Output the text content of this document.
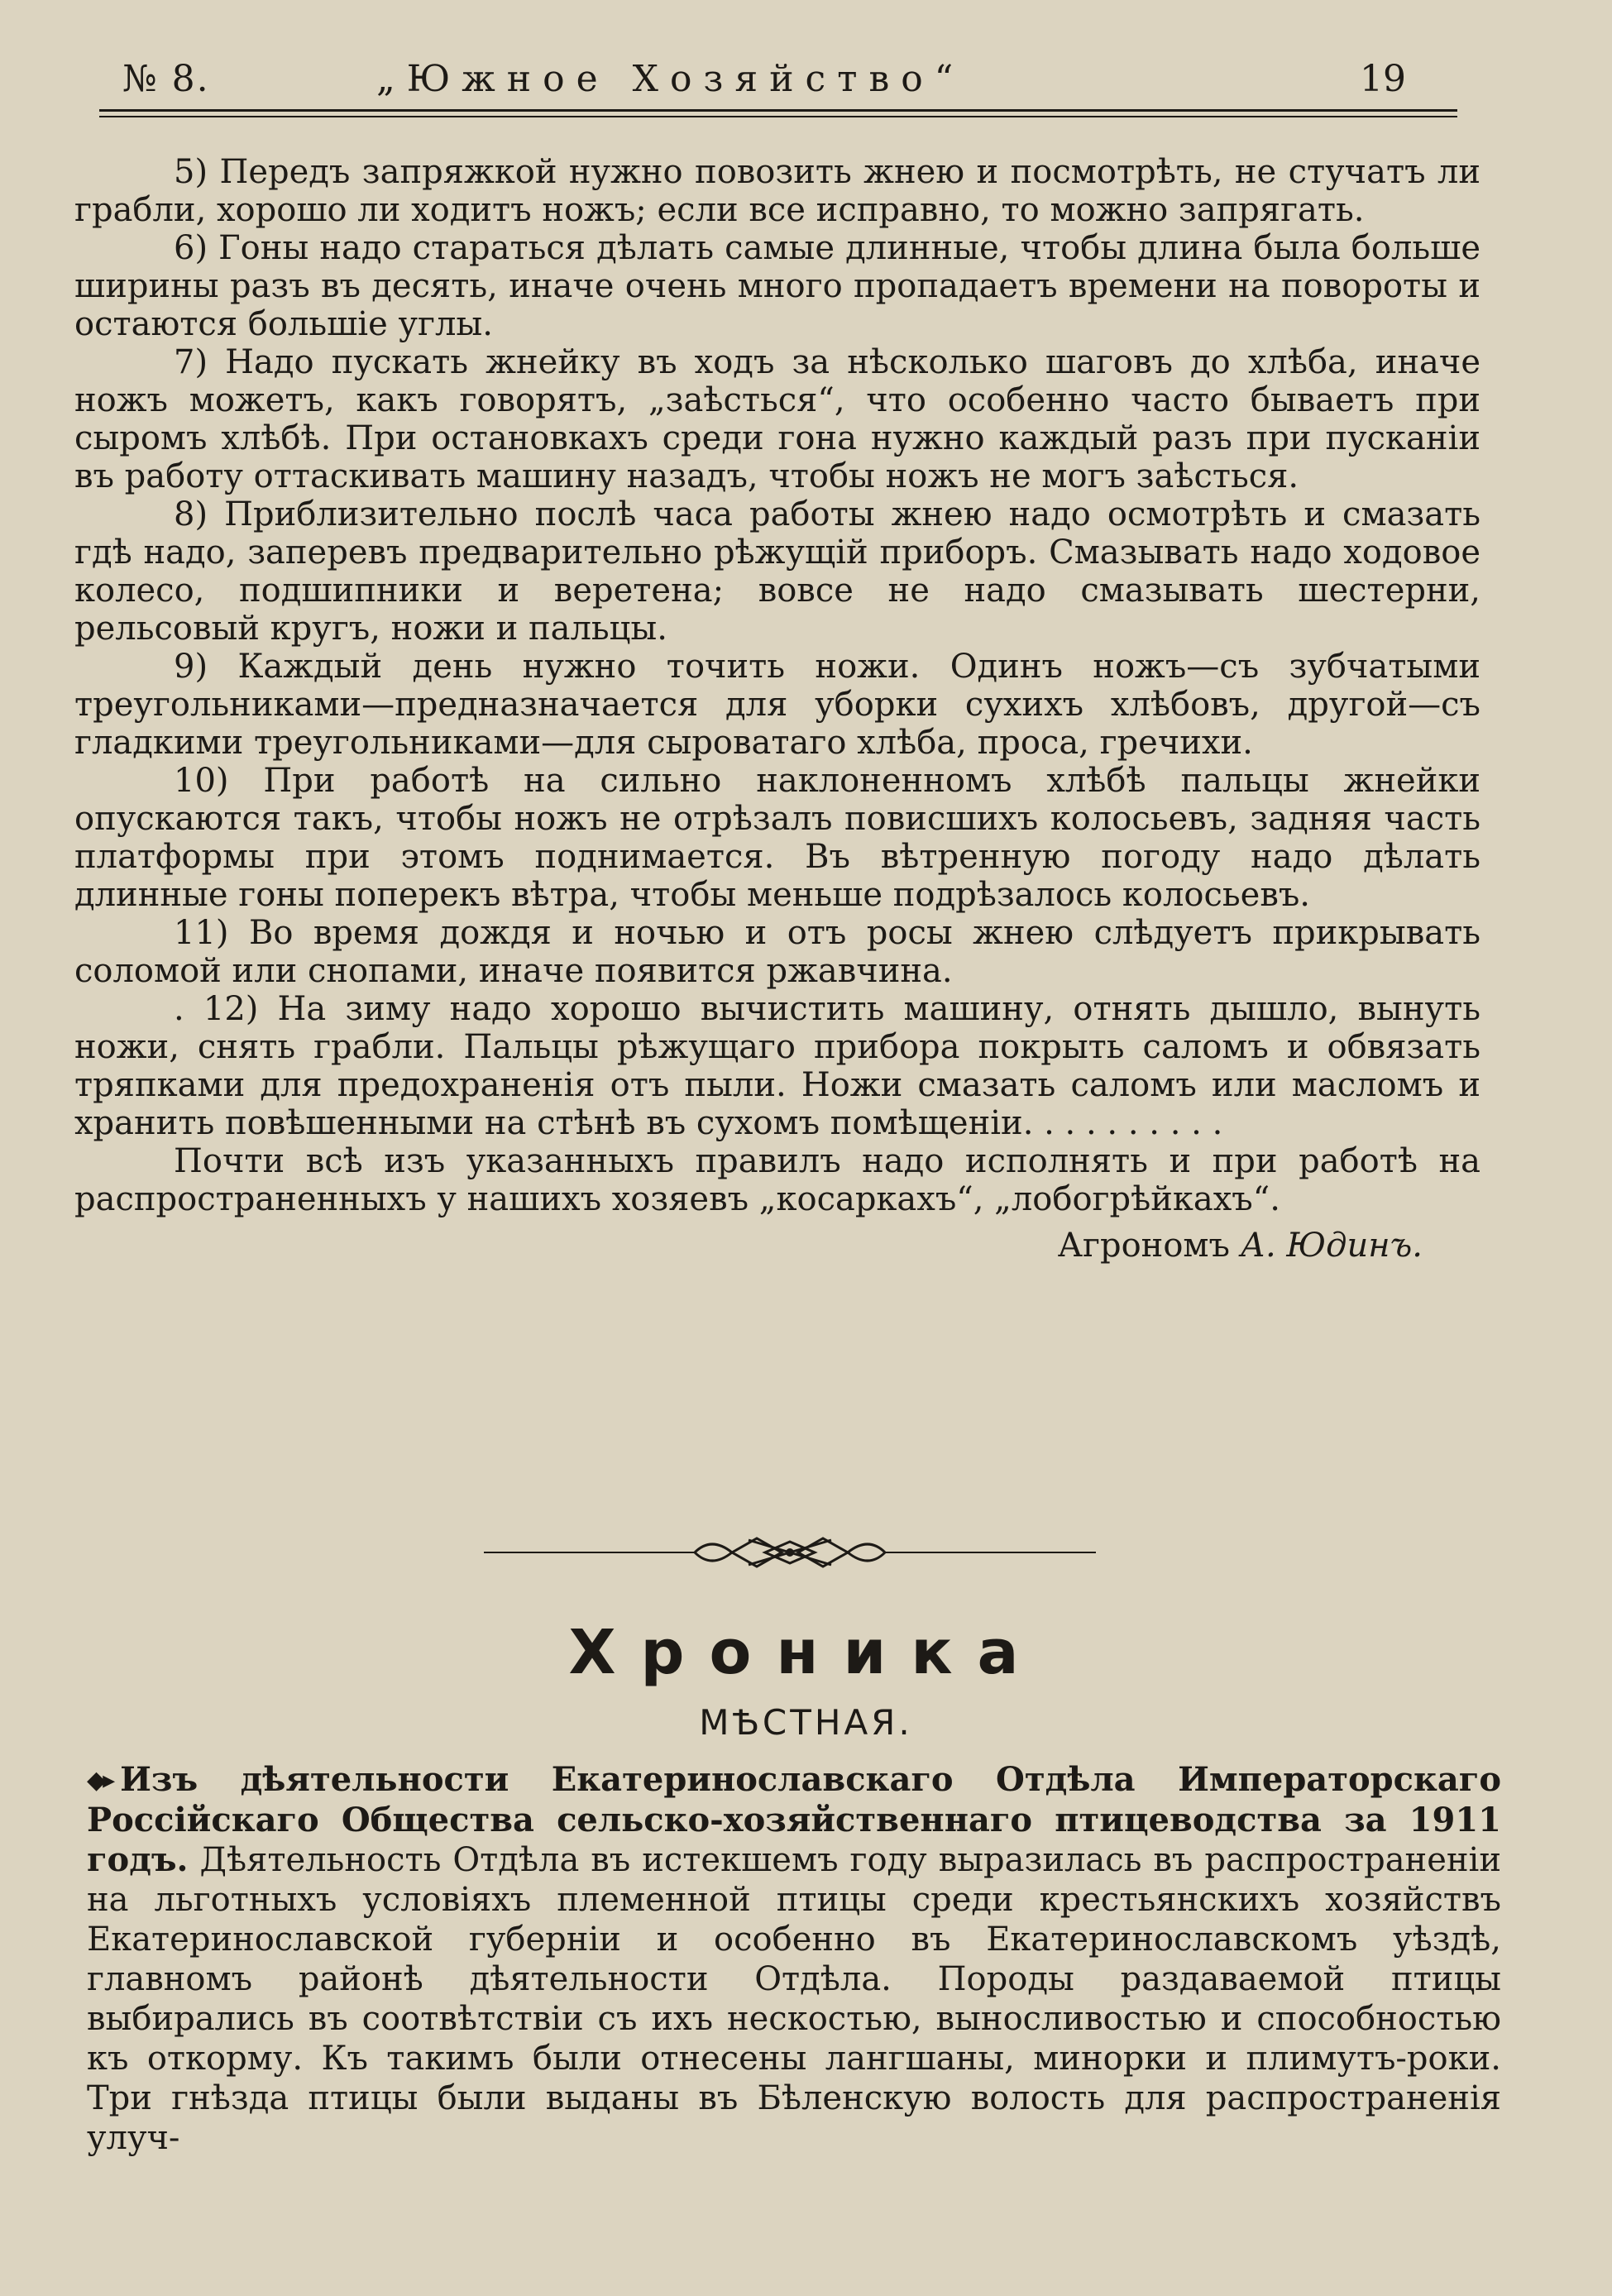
№ 8.	„Южное Хозяйство“	19

5) Передъ запряжкой нужно повозить жнею и посмотрѣть, не стучатъ ли грабли, хорошо ли ходитъ ножъ; если все исправно, то можно запрягать.

6) Гоны надо стараться дѣлать самые длинные, чтобы длина была больше ширины разъ въ десять, иначе очень много пропадаетъ времени на повороты и остаются большіе углы.

7) Надо пускать жнейку въ ходъ за нѣсколько шаговъ до хлѣба, иначе ножъ можетъ, какъ говорятъ, „заѣсться“, что особенно часто бываетъ при сыромъ хлѣбѣ. При остановкахъ среди гона нужно каждый разъ при пусканіи въ работу оттаскивать машину назадъ, чтобы ножъ не могъ заѣсться.

8) Приблизительно послѣ часа работы жнею надо осмотрѣть и смазать гдѣ надо, заперевъ предварительно рѣжущій приборъ. Смазывать надо ходовое колесо, подшипники и веретена; вовсе не надо смазывать шестерни, рельсовый кругъ, ножи и пальцы.

9) Каждый день нужно точить ножи. Одинъ ножъ—съ зубчатыми треугольниками—предназначается для уборки сухихъ хлѣбовъ, другой—съ гладкими треугольниками—для сыроватаго хлѣба, проса, гречихи.

10) При работѣ на сильно наклоненномъ хлѣбѣ пальцы жнейки опускаются такъ, чтобы ножъ не отрѣзалъ повисшихъ колосьевъ, задняя часть платформы при этомъ поднимается. Въ вѣтренную погоду надо дѣлать длинные гоны поперекъ вѣтра, чтобы меньше подрѣзалось колосьевъ.

11) Во время дождя и ночью и отъ росы жнею слѣдуетъ прикрывать соломой или снопами, иначе появится ржавчина.

. 12) На зиму надо хорошо вычистить машину, отнять дышло, вынуть ножи, снять грабли. Пальцы рѣжущаго прибора покрыть саломъ и обвязать тряпками для предохраненія отъ пыли. Ножи смазать саломъ или масломъ и хранить повѣшенными на стѣнѣ въ сухомъ помѣщеніи. . . . . . . . . .

Почти всѣ изъ указанныхъ правилъ надо исполнять и при работѣ на распространенныхъ у нашихъ хозяевъ „косаркахъ“, „лобогрѣйкахъ“.

Агрономъ А. Юдинъ.

Хроника
МѢСТНАЯ.
◆▸ Изъ дѣятельности Екатеринославскаго Отдѣла Императорскаго Россійскаго Общества сельско-хозяйственнаго птицеводства за 1911 годъ. Дѣятельность Отдѣла въ истекшемъ году выразилась въ распространеніи на льготныхъ условіяхъ племенной птицы среди крестьянскихъ хозяйствъ Екатеринославской губерніи и особенно въ Екатеринославскомъ уѣздѣ, главномъ районѣ дѣятельности Отдѣла. Породы раздаваемой птицы выбирались въ соотвѣтствіи съ ихъ нескостью, выносливостью и способностью къ откорму. Къ такимъ были отнесены лангшаны, минорки и плимутъ-роки. Три гнѣзда птицы были выданы въ Бѣленскую волость для распространенія улуч-
